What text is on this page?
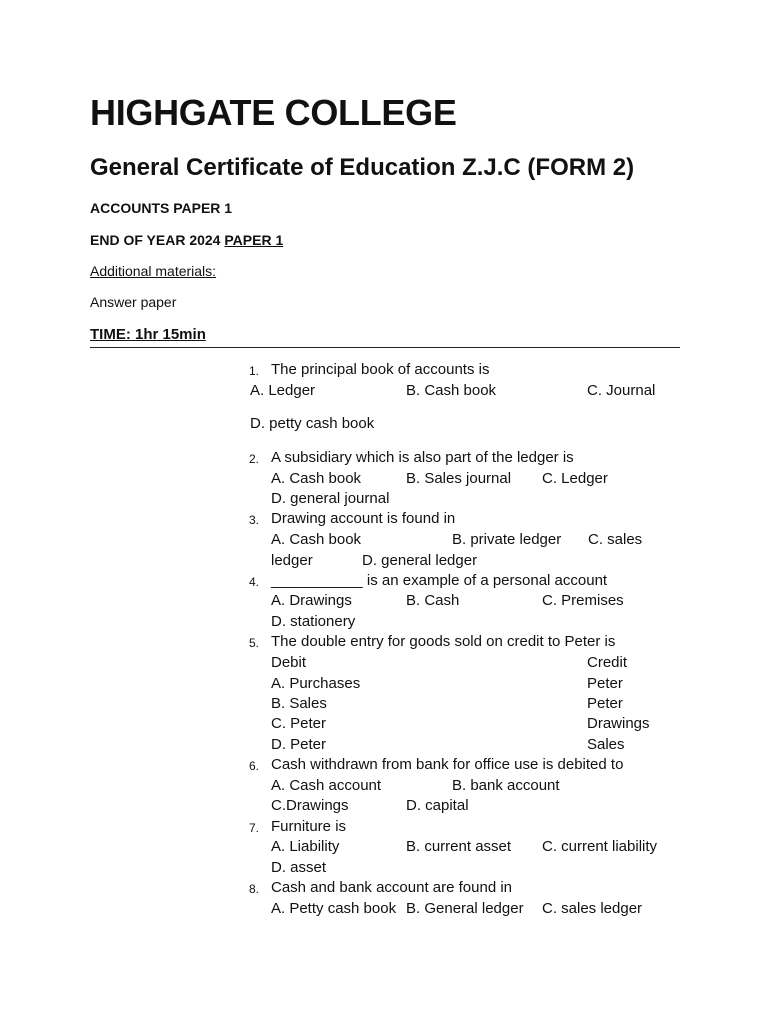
HIGHGATE COLLEGE
General Certificate of Education Z.J.C (FORM 2)
ACCOUNTS PAPER 1
END OF YEAR 2024 PAPER 1
Additional materials:
Answer paper
TIME: 1hr 15min
1. The principal book of accounts is
A. Ledger	B. Cash book	C. Journal
D. petty cash book
2. A subsidiary which is also part of the ledger is
A. Cash book	B. Sales journal C. Ledger
D. general journal
3. Drawing account is found in
A. Cash book	B. private ledger C. sales
ledger	D. general ledger
4. ___________ is an example of a personal account
A. Drawings	B. Cash	C. Premises
D. stationery
5. The double entry for goods sold on credit to Peter is
Debit	Credit
A. Purchases	Peter
B. Sales	Peter
C. Peter	Drawings
D. Peter	Sales
6. Cash withdrawn from bank for office use is debited to
A. Cash account	B. bank account
C.Drawings	D. capital
7. Furniture is
A. Liability	B. current asset C. current liability
D. asset
8. Cash and bank account are found in
A. Petty cash book B. General ledger C. sales ledger
